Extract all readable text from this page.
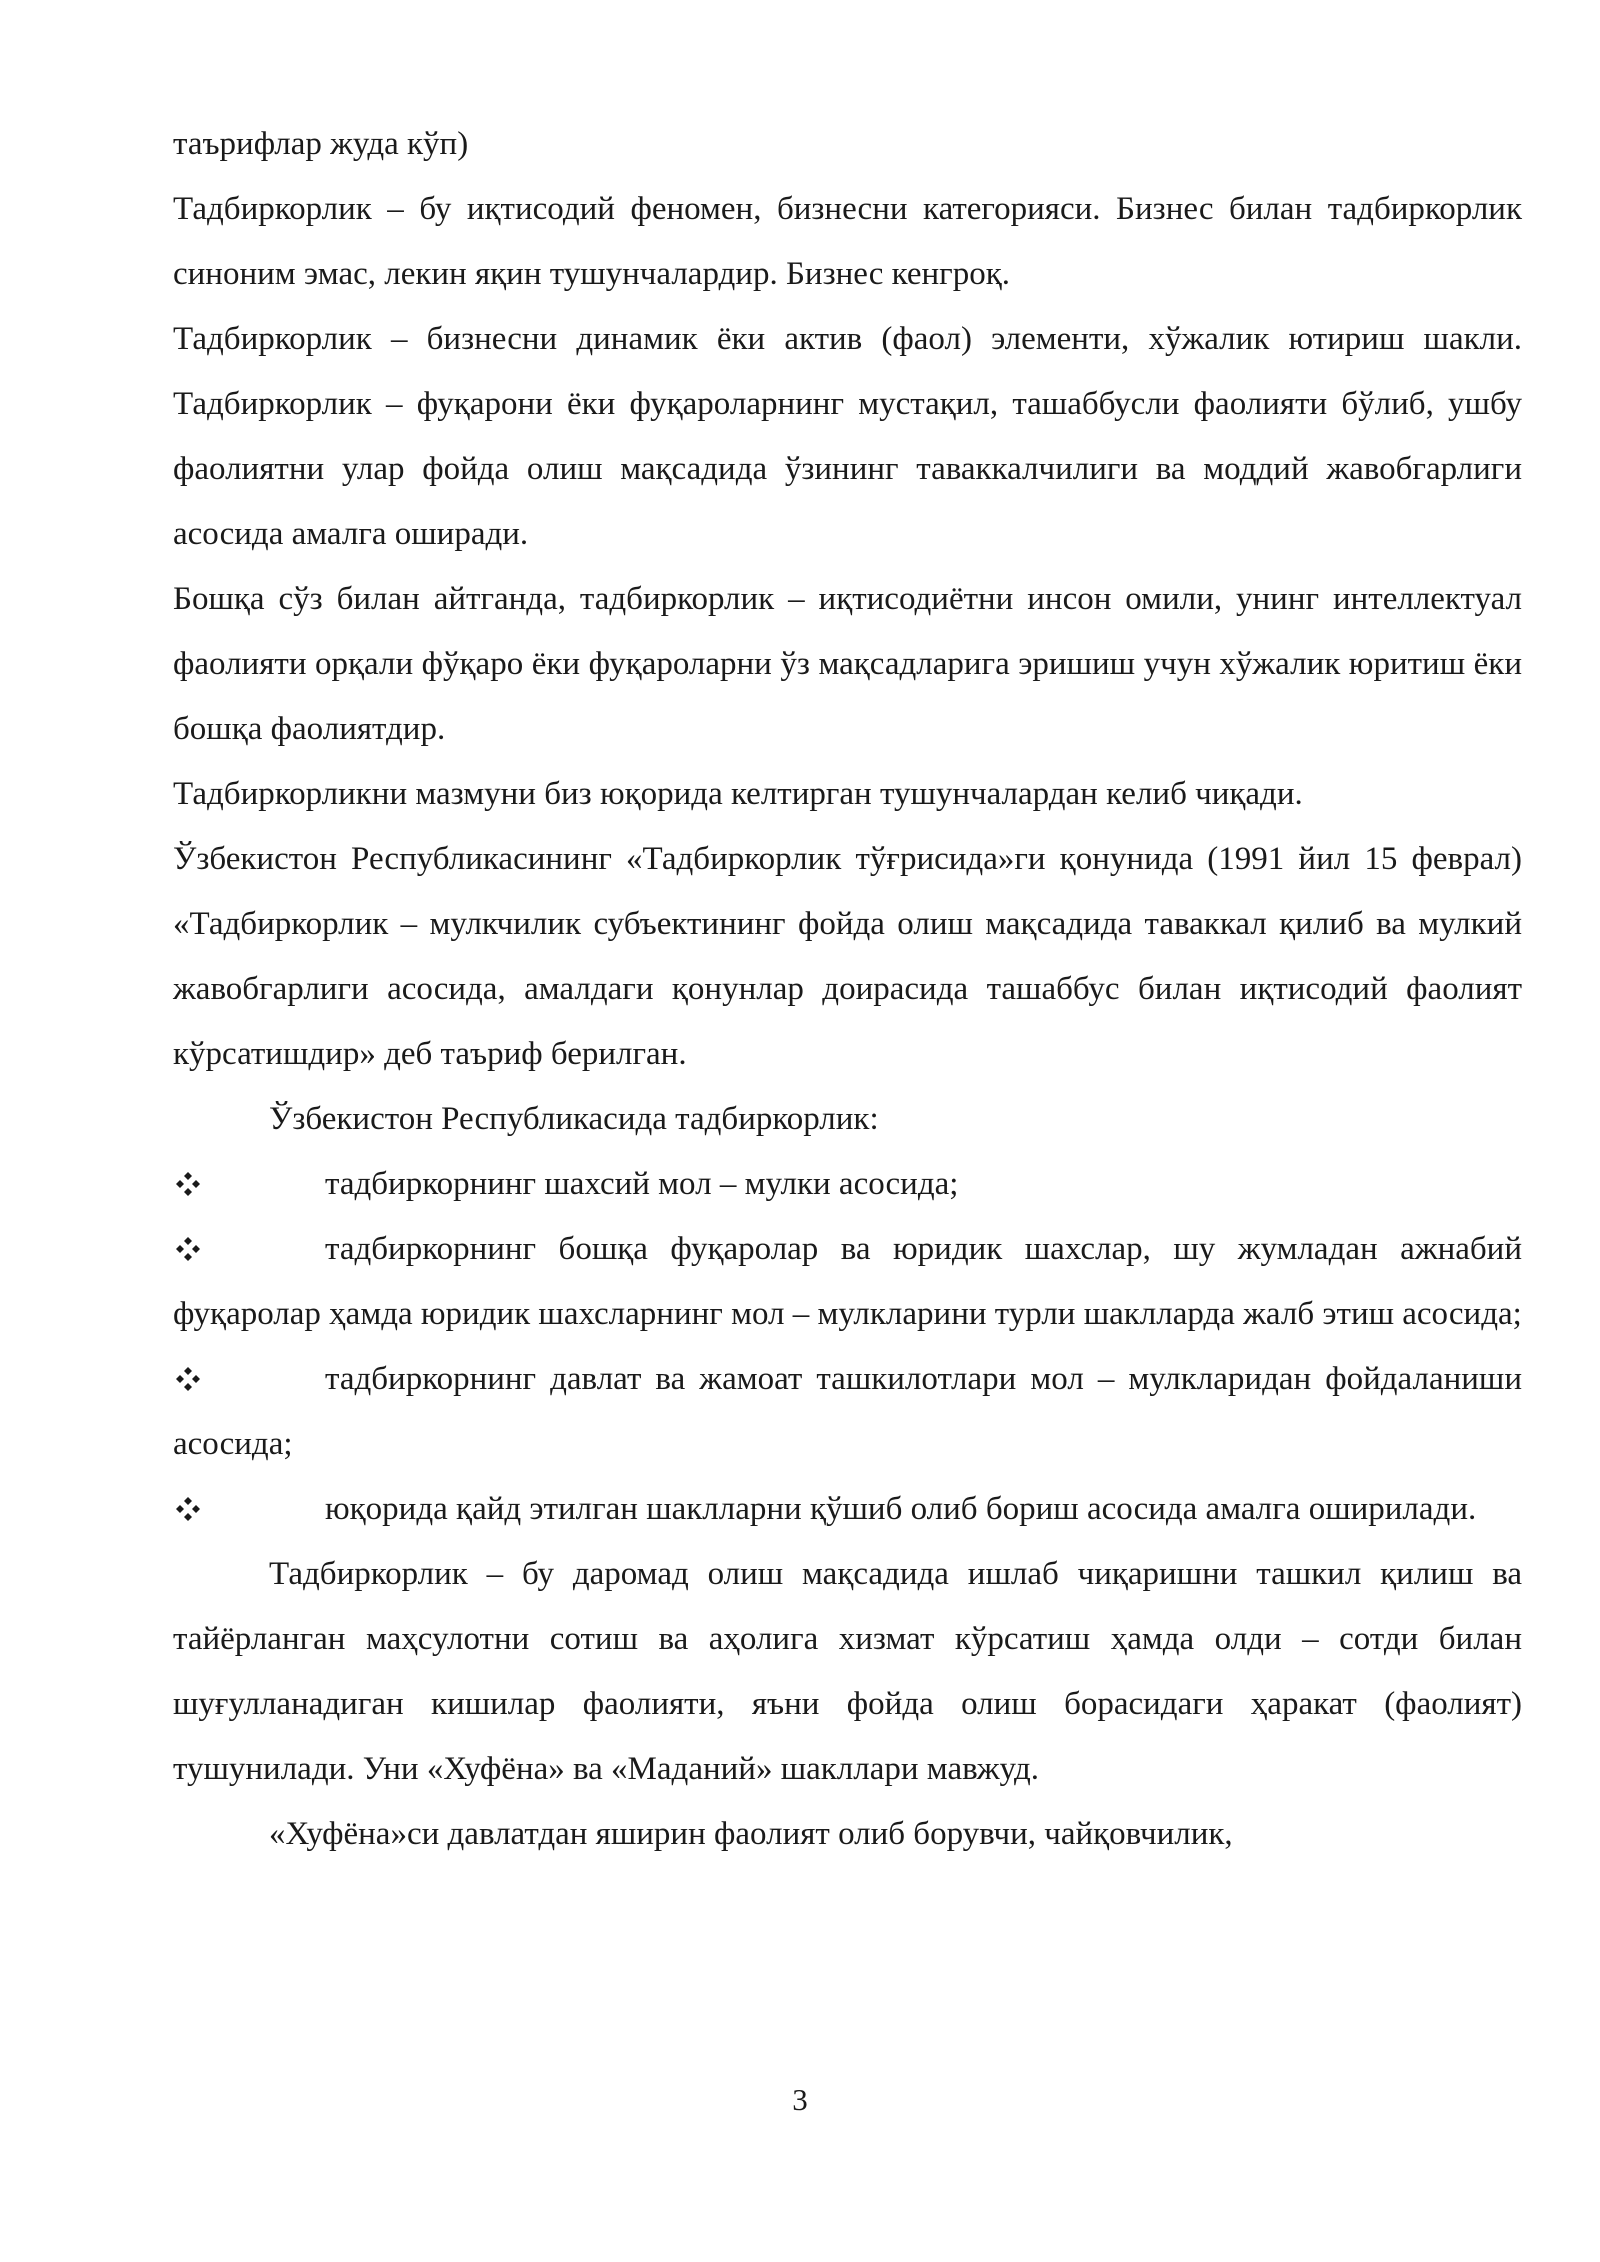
таърифлар жуда кўп)

Тадбиркорлик – бу иқтисодий феномен, бизнесни категорияси. Бизнес билан тадбиркорлик синоним эмас, лекин яқин тушунчалардир. Бизнес кенгроқ.

Тадбиркорлик – бизнесни динамик ёки актив (фаол) элементи, хўжалик ютириш шакли. Тадбиркорлик – фуқарони ёки фуқароларнинг мустақил, ташаббусли фаолияти бўлиб, ушбу фаолиятни улар фойда олиш мақсадида ўзининг таваккалчилиги ва моддий жавобгарлиги асосида амалга оширади.

Бошқа сўз билан айтганда, тадбиркорлик – иқтисодиётни инсон омили, унинг интеллектуал фаолияти орқали фўқаро ёки фуқароларни ўз мақсадларига эришиш учун хўжалик юритиш ёки бошқа фаолиятдир.

Тадбиркорликни мазмуни биз юқорида келтирган тушунчалардан келиб чиқади.

Ўзбекистон Республикасининг «Тадбиркорлик тўғрисида»ги қонунида (1991 йил 15 феврал) «Тадбиркорлик – мулкчилик субъектининг фойда олиш мақсадида таваккал қилиб ва мулкий жавобгарлиги асосида, амалдаги қонунлар доирасида ташаббус билан иқтисодий фаолият кўрсатишдир» деб таъриф берилган.

Ўзбекистон Республикасида тадбиркорлик:

тадбиркорнинг шахсий мол – мулки асосида;
тадбиркорнинг бошқа фуқаролар ва юридик шахслар, шу жумладан ажнабий фуқаролар ҳамда юридик шахсларнинг мол – мулкларини турли шаклларда жалб этиш асосида;
тадбиркорнинг давлат ва жамоат ташкилотлари мол – мулкларидан фойдаланиши асосида;
юқорида қайд этилган шаклларни қўшиб олиб бориш асосида амалга оширилади.

Тадбиркорлик – бу даромад олиш мақсадида ишлаб чиқаришни ташкил қилиш ва тайёрланган маҳсулотни сотиш ва аҳолига хизмат кўрсатиш ҳамда олди – сотди билан шуғулланадиган кишилар фаолияти, яъни фойда олиш борасидаги ҳаракат (фаолият) тушунилади. Уни «Хуфёна» ва «Маданий» шакллари мавжуд.

«Хуфёна»си давлатдан яширин фаолият олиб борувчи, чайқовчилик,

3
